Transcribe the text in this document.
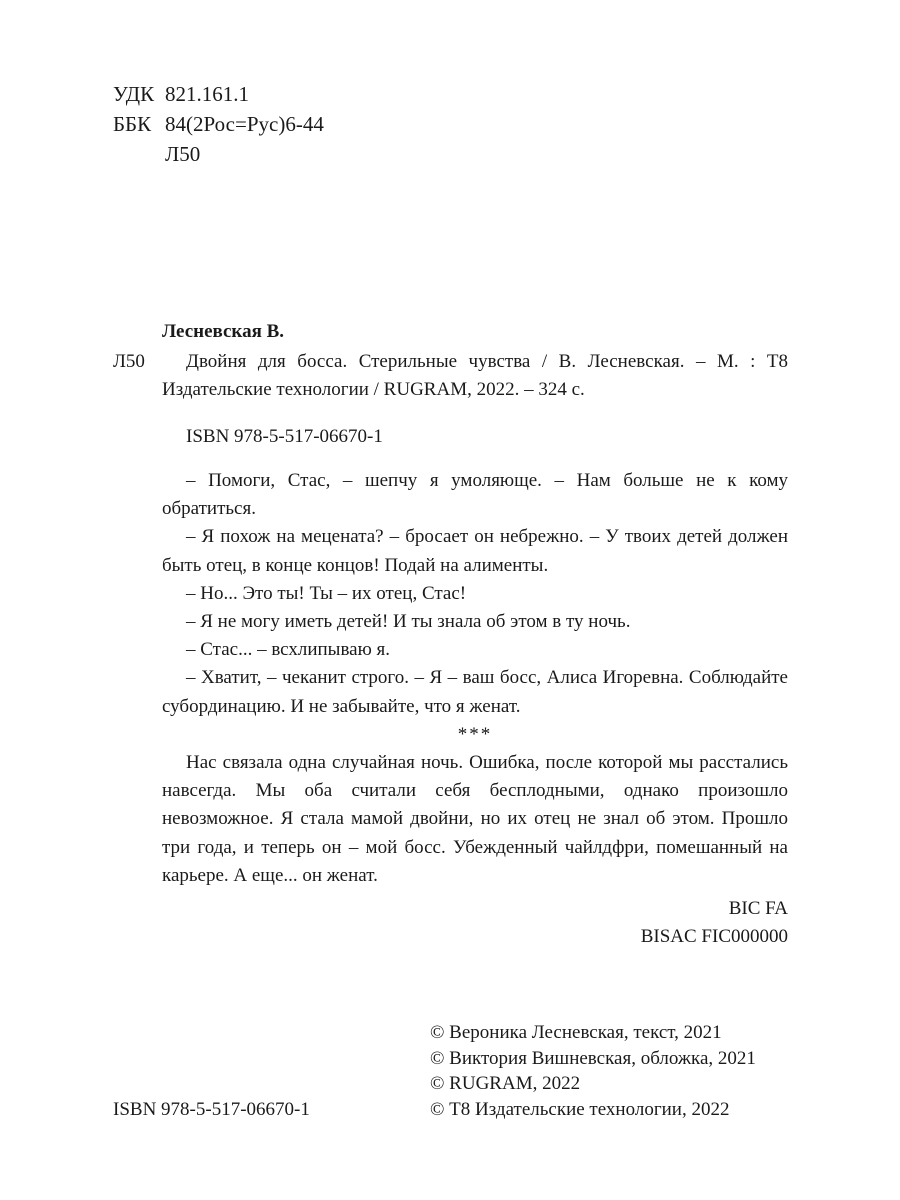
УДК 821.161.1
ББК 84(2Рос=Рус)6-44
Л50
Лесневская В.
Л50	Двойня для босса. Стерильные чувства / В. Лесневская. – М. : Т8 Издательские технологии / RUGRAM, 2022. – 324 с.
ISBN 978-5-517-06670-1

– Помоги, Стас, – шепчу я умоляюще. – Нам больше не к кому обратиться.

– Я похож на мецената? – бросает он небрежно. – У твоих детей должен быть отец, в конце концов! Подай на алименты.

– Но... Это ты! Ты – их отец, Стас!

– Я не могу иметь детей! И ты знала об этом в ту ночь.

– Стас... – всхлипываю я.

– Хватит, – чеканит строго. – Я – ваш босс, Алиса Игоревна. Соблюдайте субординацию. И не забывайте, что я женат.

***

Нас связала одна случайная ночь. Ошибка, после которой мы расстались навсегда. Мы оба считали себя бесплодными, однако произошло невозможное. Я стала мамой двойни, но их отец не знал об этом. Прошло три года, и теперь он – мой босс. Убежденный чайлдфри, помешанный на карьере. А еще... он женат.

BIC FA
BISAC FIC000000
© Вероника Лесневская, текст, 2021
© Виктория Вишневская, обложка, 2021
© RUGRAM, 2022
© Т8 Издательские технологии, 2022
ISBN 978-5-517-06670-1
